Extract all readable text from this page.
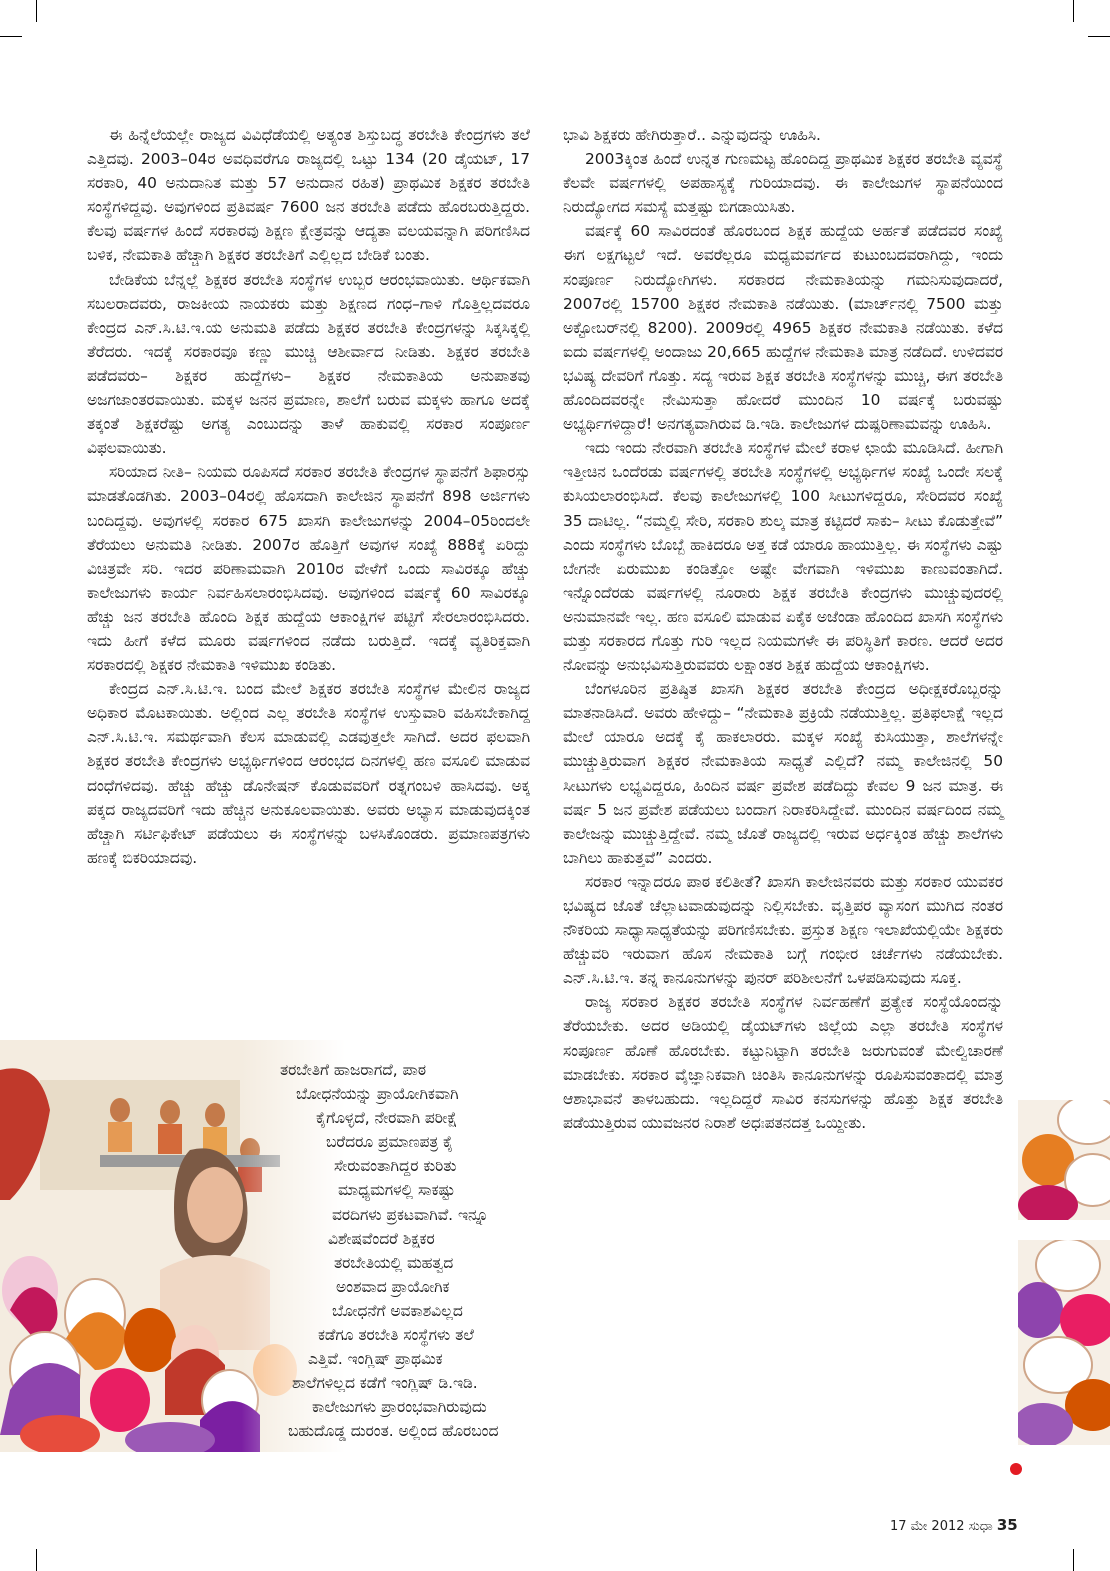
ಈ ಹಿನ್ನೆಲೆಯಲ್ಲೇ ರಾಜ್ಯದ ವಿವಿಧೆಡೆಯಲ್ಲಿ ಅತ್ಯಂತ ಶಿಸ್ತುಬದ್ಧ ತರಬೇತಿ ಕೇಂದ್ರಗಳು ತಲೆ ಎತ್ತಿದವು. 2003–04ರ ಅವಧಿವರೆಗೂ ರಾಜ್ಯದಲ್ಲಿ ಒಟ್ಟು 134 (20 ಡೈಯಟ್, 17 ಸರಕಾರಿ, 40 ಅನುದಾನಿತ ಮತ್ತು 57 ಅನುದಾನ ರಹಿತ) ಪ್ರಾಥಮಿಕ ಶಿಕ್ಷಕರ ತರಬೇತಿ ಸಂಸ್ಥೆಗಳಿದ್ದವು. ಅವುಗಳಿಂದ ಪ್ರತಿವರ್ಷ 7600 ಜನ ತರಬೇತಿ ಪಡೆದು ಹೊರಬರುತ್ತಿದ್ದರು. ಕೆಲವು ವರ್ಷಗಳ ಹಿಂದೆ ಸರಕಾರವು ಶಿಕ್ಷಣ ಕ್ಷೇತ್ರವನ್ನು ಆದ್ಯತಾ ವಲಯವನ್ನಾಗಿ ಪರಿಗಣಿಸಿದ ಬಳಿಕ, ನೇಮಕಾತಿ ಹೆಚ್ಚಾಗಿ ಶಿಕ್ಷಕರ ತರಬೇತಿಗೆ ಎಲ್ಲಿಲ್ಲದ ಬೇಡಿಕೆ ಬಂತು.

ಬೇಡಿಕೆಯ ಬೆನ್ನಲ್ಲೆ ಶಿಕ್ಷಕರ ತರಬೇತಿ ಸಂಸ್ಥೆಗಳ ಉಬ್ಬರ ಆರಂಭವಾಯಿತು. ಆರ್ಥಿಕವಾಗಿ ಸಬಲರಾದವರು, ರಾಜಕೀಯ ನಾಯಕರು ಮತ್ತು ಶಿಕ್ಷಣದ ಗಂಧ–ಗಾಳಿ ಗೊತ್ತಿಲ್ಲದವರೂ ಕೇಂದ್ರದ ಎನ್.ಸಿ.ಟಿ.ಇ.ಯ ಅನುಮತಿ ಪಡೆದು ಶಿಕ್ಷಕರ ತರಬೇತಿ ಕೇಂದ್ರಗಳನ್ನು ಸಿಕ್ಕಸಿಕ್ಕಲ್ಲಿ ತೆರೆದರು. ಇದಕ್ಕೆ ಸರಕಾರವೂ ಕಣ್ಣು ಮುಚ್ಚಿ ಆಶೀರ್ವಾದ ನೀಡಿತು. ಶಿಕ್ಷಕರ ತರಬೇತಿ ಪಡೆದವರು– ಶಿಕ್ಷಕರ ಹುದ್ದೆಗಳು– ಶಿಕ್ಷಕರ ನೇಮಕಾತಿಯ ಅನುಪಾತವು ಅಜಗಜಾಂತರವಾಯಿತು. ಮಕ್ಕಳ ಜನನ ಪ್ರಮಾಣ, ಶಾಲೆಗೆ ಬರುವ ಮಕ್ಕಳು ಹಾಗೂ ಅದಕ್ಕೆ ತಕ್ಕಂತೆ ಶಿಕ್ಷಕರೆಷ್ಟು ಅಗತ್ಯ ಎಂಬುದನ್ನು ತಾಳೆ ಹಾಕುವಲ್ಲಿ ಸರಕಾರ ಸಂಪೂರ್ಣ ವಿಫಲವಾಯಿತು.

ಸರಿಯಾದ ನೀತಿ– ನಿಯಮ ರೂಪಿಸದೆ ಸರಕಾರ ತರಬೇತಿ ಕೇಂದ್ರಗಳ ಸ್ಥಾಪನೆಗೆ ಶಿಫಾರಸ್ಸು ಮಾಡತೊಡಗಿತು. 2003–04ರಲ್ಲಿ ಹೊಸದಾಗಿ ಕಾಲೇಜಿನ ಸ್ಥಾಪನೆಗೆ 898 ಅರ್ಜಿಗಳು ಬಂದಿದ್ದವು. ಅವುಗಳಲ್ಲಿ ಸರಕಾರ 675 ಖಾಸಗಿ ಕಾಲೇಜುಗಳನ್ನು 2004–05ರಿಂದಲೇ ತೆರೆಯಲು ಅನುಮತಿ ನೀಡಿತು. 2007ರ ಹೊತ್ತಿಗೆ ಅವುಗಳ ಸಂಖ್ಯೆ 888ಕ್ಕೆ ಏರಿದ್ದು ವಿಚಿತ್ರವೇ ಸರಿ. ಇದರ ಪರಿಣಾಮವಾಗಿ 2010ರ ವೇಳೆಗೆ ಒಂದು ಸಾವಿರಕ್ಕೂ ಹೆಚ್ಚು ಕಾಲೇಜುಗಳು ಕಾರ್ಯ ನಿರ್ವಹಿಸಲಾರಂಭಿಸಿದವು. ಅವುಗಳಿಂದ ವರ್ಷಕ್ಕೆ 60 ಸಾವಿರಕ್ಕೂ ಹೆಚ್ಚು ಜನ ತರಬೇತಿ ಹೊಂದಿ ಶಿಕ್ಷಕ ಹುದ್ದೆಯ ಆಕಾಂಕ್ಷಿಗಳ ಪಟ್ಟಿಗೆ ಸೇರಲಾರಂಭಿಸಿದರು. ಇದು ಹೀಗೆ ಕಳೆದ ಮೂರು ವರ್ಷಗಳಿಂದ ನಡೆದು ಬರುತ್ತಿದೆ. ಇದಕ್ಕೆ ವ್ಯತಿರಿಕ್ತವಾಗಿ ಸರಕಾರದಲ್ಲಿ ಶಿಕ್ಷಕರ ನೇಮಕಾತಿ ಇಳಿಮುಖ ಕಂಡಿತು.

ಕೇಂದ್ರದ ಎನ್.ಸಿ.ಟಿ.ಇ. ಬಂದ ಮೇಲೆ ಶಿಕ್ಷಕರ ತರಬೇತಿ ಸಂಸ್ಥೆಗಳ ಮೇಲಿನ ರಾಜ್ಯದ ಅಧಿಕಾರ ಮೊಟಕಾಯಿತು. ಅಲ್ಲಿಂದ ಎಲ್ಲ ತರಬೇತಿ ಸಂಸ್ಥೆಗಳ ಉಸ್ತುವಾರಿ ವಹಿಸಬೇಕಾಗಿದ್ದ ಎನ್.ಸಿ.ಟಿ.ಇ. ಸಮರ್ಥವಾಗಿ ಕೆಲಸ ಮಾಡುವಲ್ಲಿ ಎಡವುತ್ತಲೇ ಸಾಗಿದೆ. ಅದರ ಫಲವಾಗಿ ಶಿಕ್ಷಕರ ತರಬೇತಿ ಕೇಂದ್ರಗಳು ಅಭ್ಯರ್ಥಿಗಳಿಂದ ಆರಂಭದ ದಿನಗಳಲ್ಲಿ ಹಣ ವಸೂಲಿ ಮಾಡುವ ದಂಧೆಗಳಿದವು. ಹೆಚ್ಚು ಹೆಚ್ಚು ಡೊನೇಷನ್ ಕೊಡುವವರಿಗೆ ರತ್ನಗಂಬಳಿ ಹಾಸಿದವು. ಅಕ್ಕ ಪಕ್ಕದ ರಾಜ್ಯದವರಿಗೆ ಇದು ಹೆಚ್ಚಿನ ಅನುಕೂಲವಾಯಿತು. ಅವರು ಅಭ್ಯಾಸ ಮಾಡುವುದಕ್ಕಿಂತ ಹೆಚ್ಚಾಗಿ ಸರ್ಟಿಫಿಕೇಟ್ ಪಡೆಯಲು ಈ ಸಂಸ್ಥೆಗಳನ್ನು ಬಳಸಿಕೊಂಡರು. ಪ್ರಮಾಣಪತ್ರಗಳು ಹಣಕ್ಕೆ ಬಿಕರಿಯಾದವು.

ತರಬೇತಿಗೆ ಹಾಜರಾಗದೆ, ಪಾಠ
ಬೋಧನೆಯನ್ನು ಪ್ರಾಯೋಗಿಕವಾಗಿ
ಕೈಗೊಳ್ಳದೆ, ನೇರವಾಗಿ ಪರೀಕ್ಷೆ
ಬರೆದರೂ ಪ್ರಮಾಣಪತ್ರ ಕೈ
ಸೇರುವಂತಾಗಿದ್ದರ ಕುರಿತು
ಮಾಧ್ಯಮಗಳಲ್ಲಿ ಸಾಕಷ್ಟು
ವರದಿಗಳು ಪ್ರಕಟವಾಗಿವೆ. ಇನ್ನೂ
ವಿಶೇಷವೆಂದರೆ ಶಿಕ್ಷಕರ
ತರಬೇತಿಯಲ್ಲಿ ಮಹತ್ವದ
ಅಂಶವಾದ ಪ್ರಾಯೋಗಿಕ
ಬೋಧನೆಗೆ ಅವಕಾಶವಿಲ್ಲದ
ಕಡೆಗೂ ತರಬೇತಿ ಸಂಸ್ಥೆಗಳು ತಲೆ
ಎತ್ತಿವೆ. ಇಂಗ್ಲಿಷ್ ಪ್ರಾಥಮಿಕ
ಶಾಲೆಗಳಿಲ್ಲದ ಕಡೆಗೆ ಇಂಗ್ಲಿಷ್ ಡಿ.ಇಡಿ.
ಕಾಲೇಜುಗಳು ಪ್ರಾರಂಭವಾಗಿರುವುದು
ಬಹುದೊಡ್ಡ ದುರಂತ. ಅಲ್ಲಿಂದ ಹೊರಬಂದ

ಭಾವಿ ಶಿಕ್ಷಕರು ಹೇಗಿರುತ್ತಾರೆ.. ಎನ್ನುವುದನ್ನು ಊಹಿಸಿ.

2003ಕ್ಕಿಂತ ಹಿಂದೆ ಉನ್ನತ ಗುಣಮಟ್ಟ ಹೊಂದಿದ್ದ ಪ್ರಾಥಮಿಕ ಶಿಕ್ಷಕರ ತರಬೇತಿ ವ್ಯವಸ್ಥೆ ಕೆಲವೇ ವರ್ಷಗಳಲ್ಲಿ ಅಪಹಾಸ್ಯಕ್ಕೆ ಗುರಿಯಾದವು. ಈ ಕಾಲೇಜುಗಳ ಸ್ಥಾಪನೆಯಿಂದ ನಿರುದ್ಯೋಗದ ಸಮಸ್ಯೆ ಮತ್ತಷ್ಟು ಬಿಗಡಾಯಿಸಿತು.

ವರ್ಷಕ್ಕೆ 60 ಸಾವಿರದಂತೆ ಹೊರಬಂದ ಶಿಕ್ಷಕ ಹುದ್ದೆಯ ಅರ್ಹತೆ ಪಡೆದವರ ಸಂಖ್ಯೆ ಈಗ ಲಕ್ಷಗಟ್ಟಲೆ ಇದೆ. ಅವರೆಲ್ಲರೂ ಮಧ್ಯಮವರ್ಗದ ಕುಟುಂಬದವರಾಗಿದ್ದು, ಇಂದು ಸಂಪೂರ್ಣ ನಿರುದ್ಯೋಗಿಗಳು. ಸರಕಾರದ ನೇಮಕಾತಿಯನ್ನು ಗಮನಿಸುವುದಾದರೆ, 2007ರಲ್ಲಿ 15700 ಶಿಕ್ಷಕರ ನೇಮಕಾತಿ ನಡೆಯಿತು. (ಮಾರ್ಚ್‌ನಲ್ಲಿ 7500 ಮತ್ತು ಅಕ್ಟೋಬರ್‌ನಲ್ಲಿ 8200). 2009ರಲ್ಲಿ 4965 ಶಿಕ್ಷಕರ ನೇಮಕಾತಿ ನಡೆಯಿತು. ಕಳೆದ ಐದು ವರ್ಷಗಳಲ್ಲಿ ಅಂದಾಜು 20,665 ಹುದ್ದೆಗಳ ನೇಮಕಾತಿ ಮಾತ್ರ ನಡೆದಿದೆ. ಉಳಿದವರ ಭವಿಷ್ಯ ದೇವರಿಗೆ ಗೊತ್ತು. ಸದ್ಯ ಇರುವ ಶಿಕ್ಷಕ ತರಬೇತಿ ಸಂಸ್ಥೆಗಳನ್ನು ಮುಚ್ಚಿ, ಈಗ ತರಬೇತಿ ಹೊಂದಿದವರನ್ನೇ ನೇಮಿಸುತ್ತಾ ಹೋದರೆ ಮುಂದಿನ 10 ವರ್ಷಕ್ಕೆ ಬರುವಷ್ಟು ಅಭ್ಯರ್ಥಿಗಳಿದ್ದಾರೆ! ಅನಗತ್ಯವಾಗಿರುವ ಡಿ.ಇಡಿ. ಕಾಲೇಜುಗಳ ದುಷ್ಪರಿಣಾಮವನ್ನು ಊಹಿಸಿ.

ಇದು ಇಂದು ನೇರವಾಗಿ ತರಬೇತಿ ಸಂಸ್ಥೆಗಳ ಮೇಲೆ ಕರಾಳ ಛಾಯೆ ಮೂಡಿಸಿದೆ. ಹೀಗಾಗಿ ಇತ್ತೀಚಿನ ಒಂದೆರಡು ವರ್ಷಗಳಲ್ಲಿ ತರಬೇತಿ ಸಂಸ್ಥೆಗಳಲ್ಲಿ ಅಭ್ಯರ್ಥಿಗಳ ಸಂಖ್ಯೆ ಒಂದೇ ಸಲಕ್ಕೆ ಕುಸಿಯಲಾರಂಭಿಸಿದೆ. ಕೆಲವು ಕಾಲೇಜುಗಳಲ್ಲಿ 100 ಸೀಟುಗಳಿದ್ದರೂ, ಸೇರಿದವರ ಸಂಖ್ಯೆ 35 ದಾಟಿಲ್ಲ. “ನಮ್ಮಲ್ಲಿ ಸೇರಿ, ಸರಕಾರಿ ಶುಲ್ಕ ಮಾತ್ರ ಕಟ್ಟಿದರೆ ಸಾಕು– ಸೀಟು ಕೊಡುತ್ತೇವೆ” ಎಂದು ಸಂಸ್ಥೆಗಳು ಬೊಬ್ಬೆ ಹಾಕಿದರೂ ಅತ್ತ ಕಡೆ ಯಾರೂ ಹಾಯುತ್ತಿಲ್ಲ. ಈ ಸಂಸ್ಥೆಗಳು ಎಷ್ಟು ಬೇಗನೇ ಏರುಮುಖ ಕಂಡಿತ್ತೋ ಅಷ್ಟೇ ವೇಗವಾಗಿ ಇಳಿಮುಖ ಕಾಣುವಂತಾಗಿದೆ. ಇನ್ನೊಂದೆರಡು ವರ್ಷಗಳಲ್ಲಿ ನೂರಾರು ಶಿಕ್ಷಕ ತರಬೇತಿ ಕೇಂದ್ರಗಳು ಮುಚ್ಚುವುದರಲ್ಲಿ ಅನುಮಾನವೇ ಇಲ್ಲ. ಹಣ ವಸೂಲಿ ಮಾಡುವ ಏಕೈಕ ಅಜೆಂಡಾ ಹೊಂದಿದ ಖಾಸಗಿ ಸಂಸ್ಥೆಗಳು ಮತ್ತು ಸರಕಾರದ ಗೊತ್ತು ಗುರಿ ಇಲ್ಲದ ನಿಯಮಗಳೇ ಈ ಪರಿಸ್ಥಿತಿಗೆ ಕಾರಣ. ಆದರೆ ಅದರ ನೋವನ್ನು ಅನುಭವಿಸುತ್ತಿರುವವರು ಲಕ್ಷಾಂತರ ಶಿಕ್ಷಕ ಹುದ್ದೆಯ ಆಕಾಂಕ್ಷಿಗಳು.

ಬೆಂಗಳೂರಿನ ಪ್ರತಿಷ್ಠಿತ ಖಾಸಗಿ ಶಿಕ್ಷಕರ ತರಬೇತಿ ಕೇಂದ್ರದ ಅಧೀಕ್ಷಕರೊಬ್ಬರನ್ನು ಮಾತನಾಡಿಸಿದೆ. ಅವರು ಹೇಳಿದ್ದು– “ನೇಮಕಾತಿ ಪ್ರಕ್ರಿಯೆ ನಡೆಯುತ್ತಿಲ್ಲ. ಪ್ರತಿಫಲಾಕ್ಷೆ ಇಲ್ಲದ ಮೇಲೆ ಯಾರೂ ಅದಕ್ಕೆ ಕೈ ಹಾಕಲಾರರು. ಮಕ್ಕಳ ಸಂಖ್ಯೆ ಕುಸಿಯುತ್ತಾ, ಶಾಲೆಗಳನ್ನೇ ಮುಚ್ಚುತ್ತಿರುವಾಗ ಶಿಕ್ಷಕರ ನೇಮಕಾತಿಯ ಸಾಧ್ಯತೆ ಎಲ್ಲಿದೆ? ನಮ್ಮ ಕಾಲೇಜಿನಲ್ಲಿ 50 ಸೀಟುಗಳು ಲಭ್ಯವಿದ್ದರೂ, ಹಿಂದಿನ ವರ್ಷ ಪ್ರವೇಶ ಪಡೆದಿದ್ದು ಕೇವಲ 9 ಜನ ಮಾತ್ರ. ಈ ವರ್ಷ 5 ಜನ ಪ್ರವೇಶ ಪಡೆಯಲು ಬಂದಾಗ ನಿರಾಕರಿಸಿದ್ದೇವೆ. ಮುಂದಿನ ವರ್ಷದಿಂದ ನಮ್ಮ ಕಾಲೇಜನ್ನು ಮುಚ್ಚುತ್ತಿದ್ದೇವೆ. ನಮ್ಮ ಜೊತೆ ರಾಜ್ಯದಲ್ಲಿ ಇರುವ ಅರ್ಧಕ್ಕಿಂತ ಹೆಚ್ಚು ಶಾಲೆಗಳು ಬಾಗಿಲು ಹಾಕುತ್ತವೆ” ಎಂದರು.

ಸರಕಾರ ಇನ್ನಾದರೂ ಪಾಠ ಕಲಿತೀತೆ? ಖಾಸಗಿ ಕಾಲೇಜಿನವರು ಮತ್ತು ಸರಕಾರ ಯುವಕರ ಭವಿಷ್ಯದ ಜೊತೆ ಚೆಲ್ಲಾಟವಾಡುವುದನ್ನು ನಿಲ್ಲಿಸಬೇಕು. ವೃತ್ತಿಪರ ವ್ಯಾಸಂಗ ಮುಗಿದ ನಂತರ ನೌಕರಿಯ ಸಾಧ್ಯಾಸಾಧ್ಯತೆಯನ್ನು ಪರಿಗಣಿಸಬೇಕು. ಪ್ರಸ್ತುತ ಶಿಕ್ಷಣ ಇಲಾಖೆಯಲ್ಲಿಯೇ ಶಿಕ್ಷಕರು ಹೆಚ್ಚುವರಿ ಇರುವಾಗ ಹೊಸ ನೇಮಕಾತಿ ಬಗ್ಗೆ ಗಂಭೀರ ಚರ್ಚೆಗಳು ನಡೆಯಬೇಕು. ಎನ್.ಸಿ.ಟಿ.ಇ. ತನ್ನ ಕಾನೂನುಗಳನ್ನು ಪುನರ್ ಪರಿಶೀಲನೆಗೆ ಒಳಪಡಿಸುವುದು ಸೂಕ್ತ.

ರಾಜ್ಯ ಸರಕಾರ ಶಿಕ್ಷಕರ ತರಬೇತಿ ಸಂಸ್ಥೆಗಳ ನಿರ್ವಹಣೆಗೆ ಪ್ರತ್ಯೇಕ ಸಂಸ್ಥೆಯೊಂದನ್ನು ತೆರೆಯಬೇಕು. ಅದರ ಅಡಿಯಲ್ಲಿ ಡೈಯಟ್‌ಗಳು ಜಿಲ್ಲೆಯ ಎಲ್ಲಾ ತರಬೇತಿ ಸಂಸ್ಥೆಗಳ ಸಂಪೂರ್ಣ ಹೊಣೆ ಹೊರಬೇಕು. ಕಟ್ಟುನಿಟ್ಟಾಗಿ ತರಬೇತಿ ಜರುಗುವಂತೆ ಮೇಲ್ವಿಚಾರಣೆ ಮಾಡಬೇಕು. ಸರಕಾರ ವೈಜ್ಞಾನಿಕವಾಗಿ ಚಿಂತಿಸಿ ಕಾನೂನುಗಳನ್ನು ರೂಪಿಸುವಂತಾದಲ್ಲಿ ಮಾತ್ರ ಆಶಾಭಾವನೆ ತಾಳಬಹುದು. ಇಲ್ಲದಿದ್ದರೆ ಸಾವಿರ ಕನಸುಗಳನ್ನು ಹೊತ್ತು ಶಿಕ್ಷಕ ತರಬೇತಿ ಪಡೆಯುತ್ತಿರುವ ಯುವಜನರ ನಿರಾಶೆ ಅಧಃಪತನದತ್ತ ಒಯ್ದೀತು.

17 ಮೇ 2012 ಸುಧಾ 35
